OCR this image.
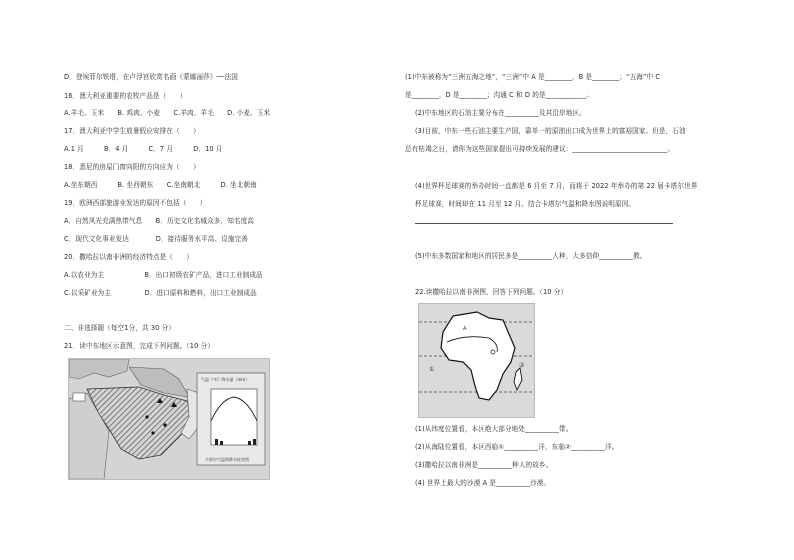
D．登埃菲尔铁塔，在卢浮宫欣赏名画《蒙娜丽莎》──法国
16．澳大利亚重要的农牧产品是（　　）
A.羊毛、玉米　　B. 鸡肉、小麦　　C.羊肉、羊毛　　D. 小麦、玉米
17．澳大利亚中学生放暑假应安排在（　　）
A.1 月　　　B．4 月　　　C．7 月　　　D．10 月
18．悉尼的房屋门窗向阳的方向应为（　　）
A.坐东朝西　　　B. 坐西朝东　　C.坐南朝北　　　D. 坐北朝南
19．欧洲西部旅游业发达的原因不包括（　　）
A．自然风光充满热带气息　　B．历史文化名城众多，知名度高
C．现代文化事业发达　　　　D．接待服务水平高、设施完善
20．撒哈拉以南非洲的经济特点是（　　）
A.以农业为主　　　　　　B．出口初级农矿产品，进口工业制成品
C.以采矿业为主　　　　　D．进口原料和燃料，出口工业制成品
二、非选择题（每空1分，共 30 分）
21．读中东地区示意图，完成下列问题。（10 分）
气温（℃）降水量（mm）
卡塔尔气温和降水柱状图
(1)中东被称为“三洲五海之地”，“三洲”中 A 是________，B 是________；“五海”中 C
是________，D 是________；沟通 C 和 D 的是____________。
(2)中东地区的石油主要分布在__________及其沿岸地区。
(3)目前，中东一些石油主要生产国，靠单一的原油出口成为世界上的富裕国家。但是，石油
总有枯竭之日，请你为这些国家提出可持续发展的建议：____________________________。
(4)世界杯足球赛的举办时间一直都是 6 月至 7 月，而将于 2022 年举办的第 22 届卡塔尔世界
杯足球赛，时间却在 11 月至 12 月。结合卡塔尔气温和降水图说明原因。
(5)中东多数国家和地区的居民多是__________人种，大多信仰__________教。
22.读撒哈拉以南非洲图，回答下列问题。（10 分）
A
①
②
(1)从纬度位置看，本区绝大部分地处__________带。
(2)从海陆位置看，本区西临①__________洋，东临②__________洋。
(3)撒哈拉以南非洲是__________种人的故乡。
(4) 世界上最大的沙漠 A 是__________沙漠。
